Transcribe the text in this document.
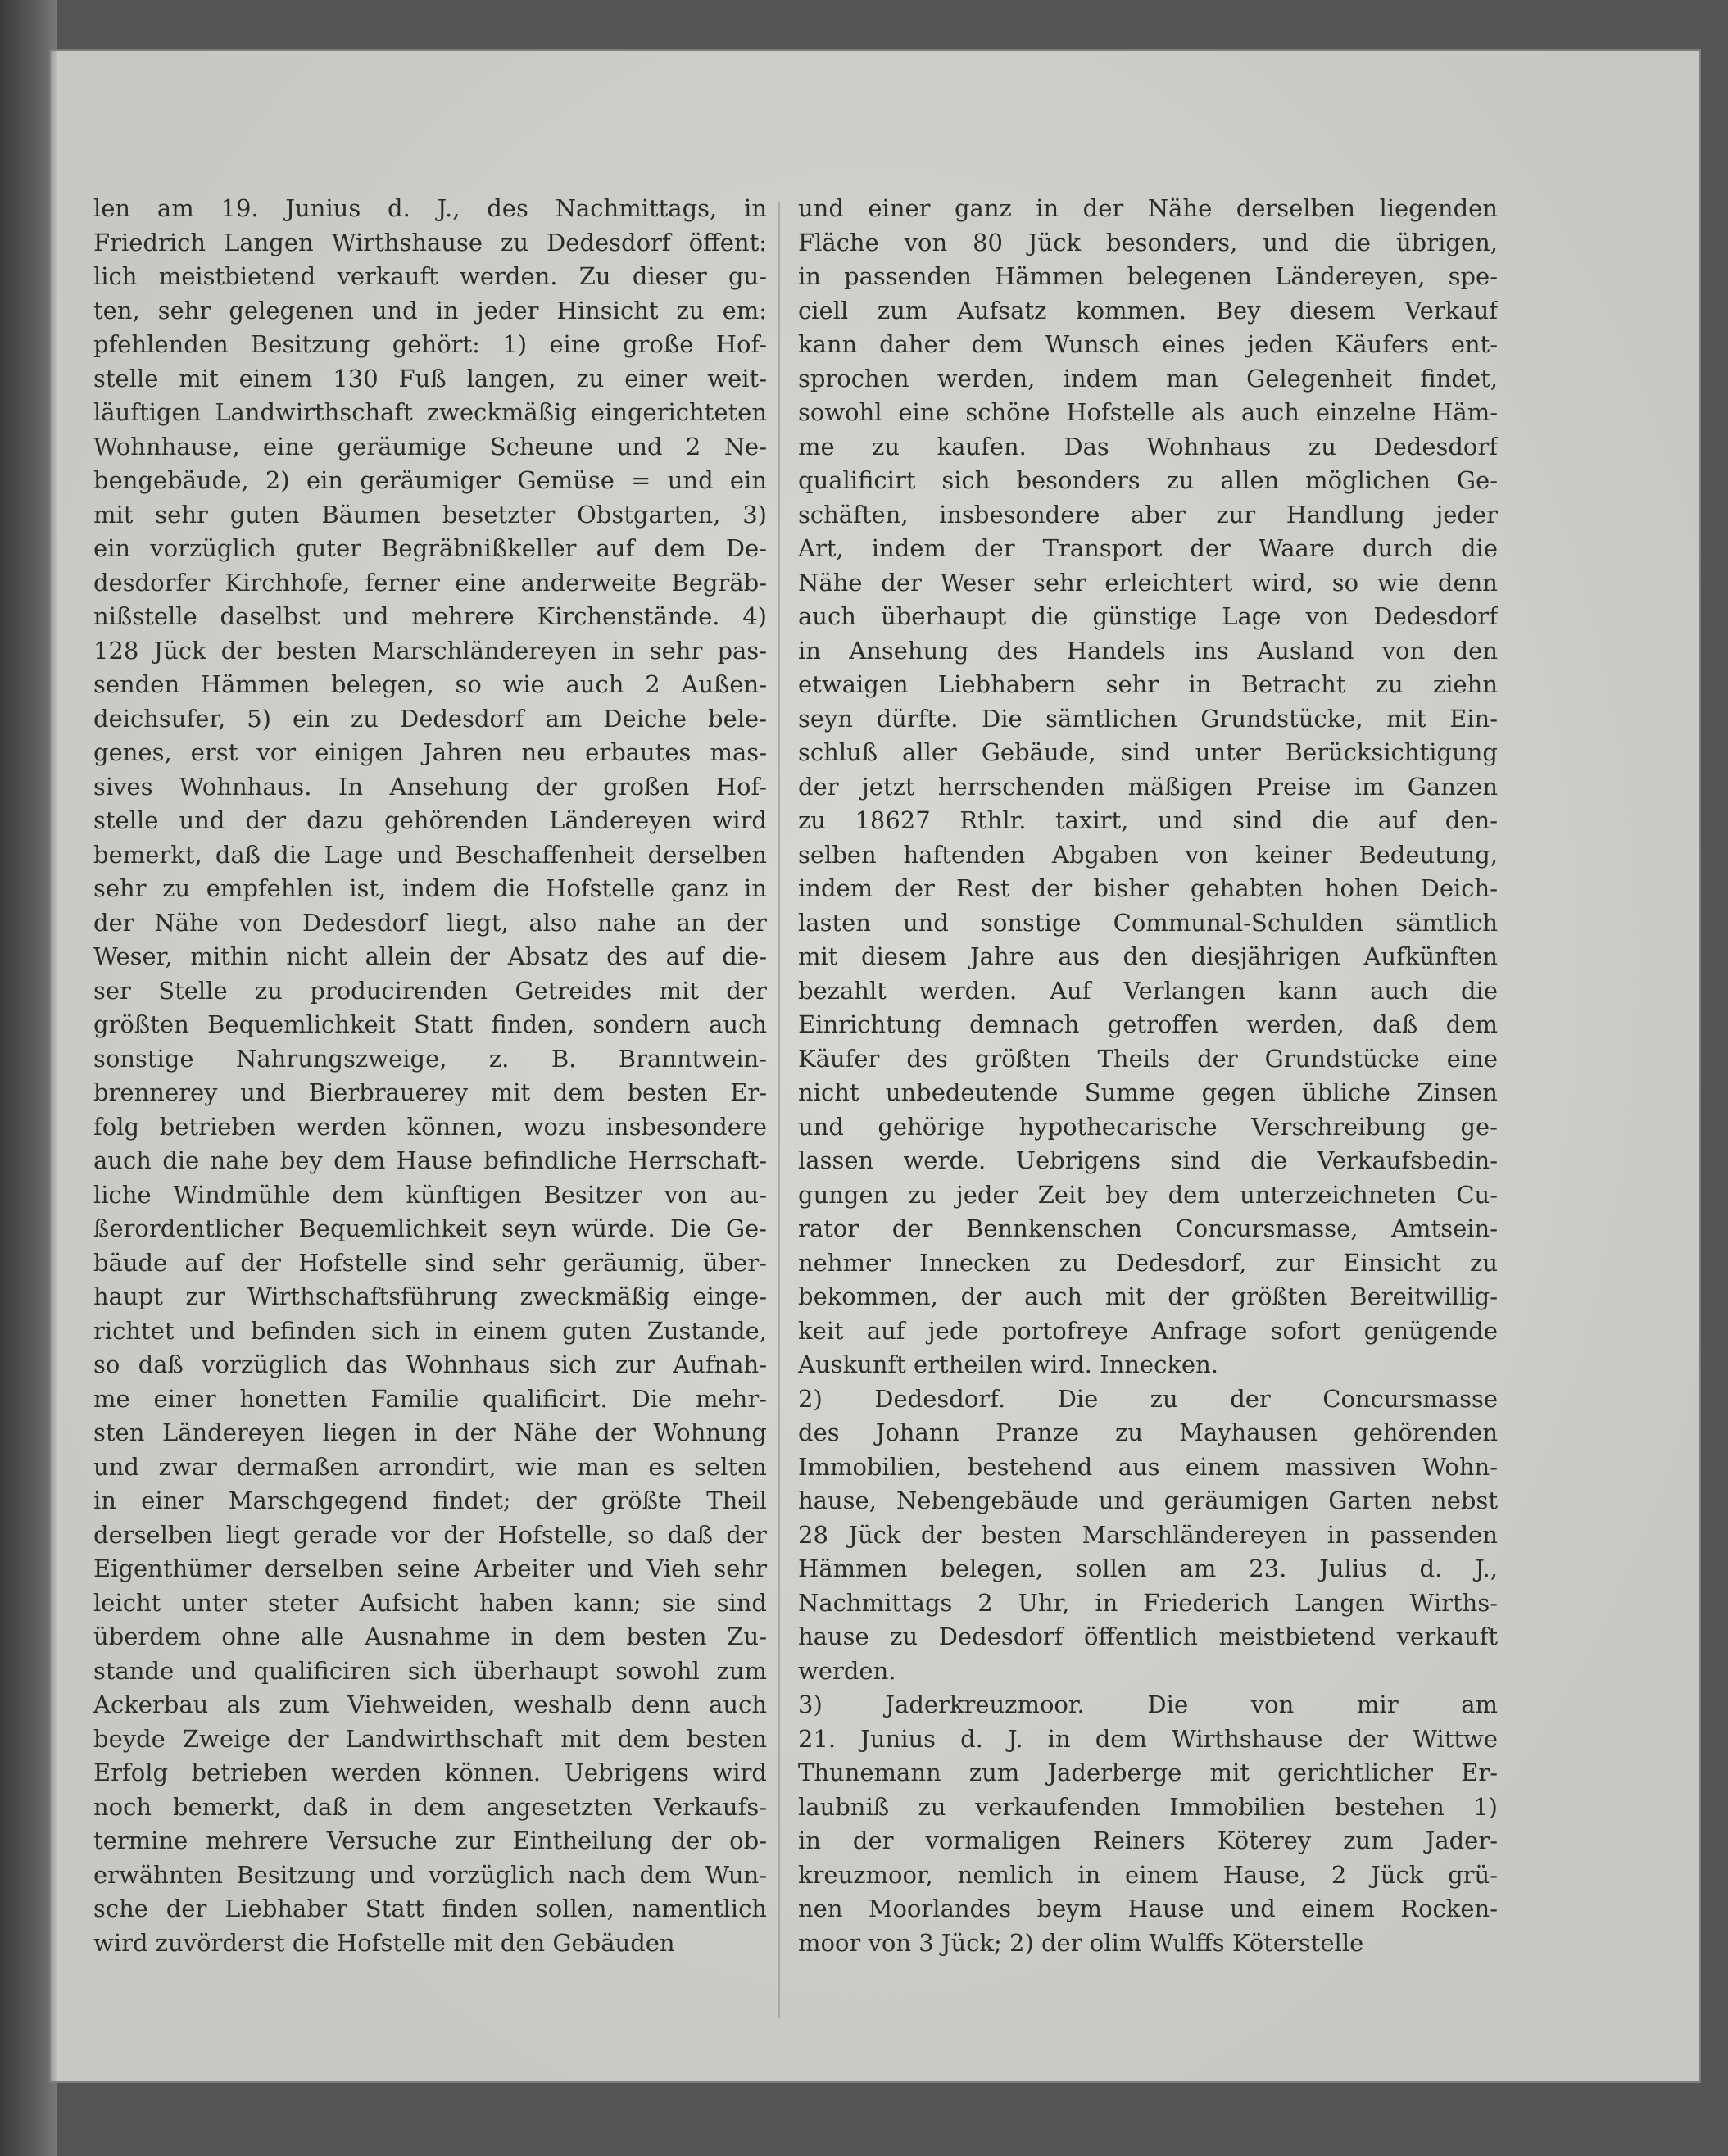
len am 19. Junius d. J., des Nachmittags, in
Friedrich Langen Wirthshause zu Dedesdorf öffent:
lich meistbietend verkauft werden. Zu dieser gu-
ten, sehr gelegenen und in jeder Hinsicht zu em:
pfehlenden Besitzung gehört: 1) eine große Hof-
stelle mit einem 130 Fuß langen, zu einer weit-
läuftigen Landwirthschaft zweckmäßig eingerichteten
Wohnhause, eine geräumige Scheune und 2 Ne-
bengebäude, 2) ein geräumiger Gemüse = und ein
mit sehr guten Bäumen besetzter Obstgarten, 3)
ein vorzüglich guter Begräbnißkeller auf dem De-
desdorfer Kirchhofe, ferner eine anderweite Begräb-
nißstelle daselbst und mehrere Kirchenstände. 4)
128 Jück der besten Marschländereyen in sehr pas-
senden Hämmen belegen, so wie auch 2 Außen-
deichsufer, 5) ein zu Dedesdorf am Deiche bele-
genes, erst vor einigen Jahren neu erbautes mas-
sives Wohnhaus. In Ansehung der großen Hof-
stelle und der dazu gehörenden Ländereyen wird
bemerkt, daß die Lage und Beschaffenheit derselben
sehr zu empfehlen ist, indem die Hofstelle ganz in
der Nähe von Dedesdorf liegt, also nahe an der
Weser, mithin nicht allein der Absatz des auf die-
ser Stelle zu producirenden Getreides mit der
größten Bequemlichkeit Statt finden, sondern auch
sonstige Nahrungszweige, z. B. Branntwein-
brennerey und Bierbrauerey mit dem besten Er-
folg betrieben werden können, wozu insbesondere
auch die nahe bey dem Hause befindliche Herrschaft-
liche Windmühle dem künftigen Besitzer von au-
ßerordentlicher Bequemlichkeit seyn würde. Die Ge-
bäude auf der Hofstelle sind sehr geräumig, über-
haupt zur Wirthschaftsführung zweckmäßig einge-
richtet und befinden sich in einem guten Zustande,
so daß vorzüglich das Wohnhaus sich zur Aufnah-
me einer honetten Familie qualificirt. Die mehr-
sten Ländereyen liegen in der Nähe der Wohnung
und zwar dermaßen arrondirt, wie man es selten
in einer Marschgegend findet; der größte Theil
derselben liegt gerade vor der Hofstelle, so daß der
Eigenthümer derselben seine Arbeiter und Vieh sehr
leicht unter steter Aufsicht haben kann; sie sind
überdem ohne alle Ausnahme in dem besten Zu-
stande und qualificiren sich überhaupt sowohl zum
Ackerbau als zum Viehweiden, weshalb denn auch
beyde Zweige der Landwirthschaft mit dem besten
Erfolg betrieben werden können. Uebrigens wird
noch bemerkt, daß in dem angesetzten Verkaufs-
termine mehrere Versuche zur Eintheilung der ob-
erwähnten Besitzung und vorzüglich nach dem Wun-
sche der Liebhaber Statt finden sollen, namentlich
wird zuvörderst die Hofstelle mit den Gebäuden
und einer ganz in der Nähe derselben liegenden
Fläche von 80 Jück besonders, und die übrigen,
in passenden Hämmen belegenen Ländereyen, spe-
ciell zum Aufsatz kommen. Bey diesem Verkauf
kann daher dem Wunsch eines jeden Käufers ent-
sprochen werden, indem man Gelegenheit findet,
sowohl eine schöne Hofstelle als auch einzelne Häm-
me zu kaufen. Das Wohnhaus zu Dedesdorf
qualificirt sich besonders zu allen möglichen Ge-
schäften, insbesondere aber zur Handlung jeder
Art, indem der Transport der Waare durch die
Nähe der Weser sehr erleichtert wird, so wie denn
auch überhaupt die günstige Lage von Dedesdorf
in Ansehung des Handels ins Ausland von den
etwaigen Liebhabern sehr in Betracht zu ziehn
seyn dürfte. Die sämtlichen Grundstücke, mit Ein-
schluß aller Gebäude, sind unter Berücksichtigung
der jetzt herrschenden mäßigen Preise im Ganzen
zu 18627 Rthlr. taxirt, und sind die auf den-
selben haftenden Abgaben von keiner Bedeutung,
indem der Rest der bisher gehabten hohen Deich-
lasten und sonstige Communal-Schulden sämtlich
mit diesem Jahre aus den diesjährigen Aufkünften
bezahlt werden. Auf Verlangen kann auch die
Einrichtung demnach getroffen werden, daß dem
Käufer des größten Theils der Grundstücke eine
nicht unbedeutende Summe gegen übliche Zinsen
und gehörige hypothecarische Verschreibung ge-
lassen werde. Uebrigens sind die Verkaufsbedin-
gungen zu jeder Zeit bey dem unterzeichneten Cu-
rator der Bennkenschen Concursmasse, Amtsein-
nehmer Innecken zu Dedesdorf, zur Einsicht zu
bekommen, der auch mit der größten Bereitwillig-
keit auf jede portofreye Anfrage sofort genügende
Auskunft ertheilen wird. Innecken.
2) Dedesdorf. Die zu der Concursmasse
des Johann Pranze zu Mayhausen gehörenden
Immobilien, bestehend aus einem massiven Wohn-
hause, Nebengebäude und geräumigen Garten nebst
28 Jück der besten Marschländereyen in passenden
Hämmen belegen, sollen am 23. Julius d. J.,
Nachmittags 2 Uhr, in Friederich Langen Wirths-
hause zu Dedesdorf öffentlich meistbietend verkauft
werden.
3) Jaderkreuzmoor. Die von mir am
21. Junius d. J. in dem Wirthshause der Wittwe
Thunemann zum Jaderberge mit gerichtlicher Er-
laubniß zu verkaufenden Immobilien bestehen 1)
in der vormaligen Reiners Köterey zum Jader-
kreuzmoor, nemlich in einem Hause, 2 Jück grü-
nen Moorlandes beym Hause und einem Rocken-
moor von 3 Jück; 2) der olim Wulffs Köterstelle
